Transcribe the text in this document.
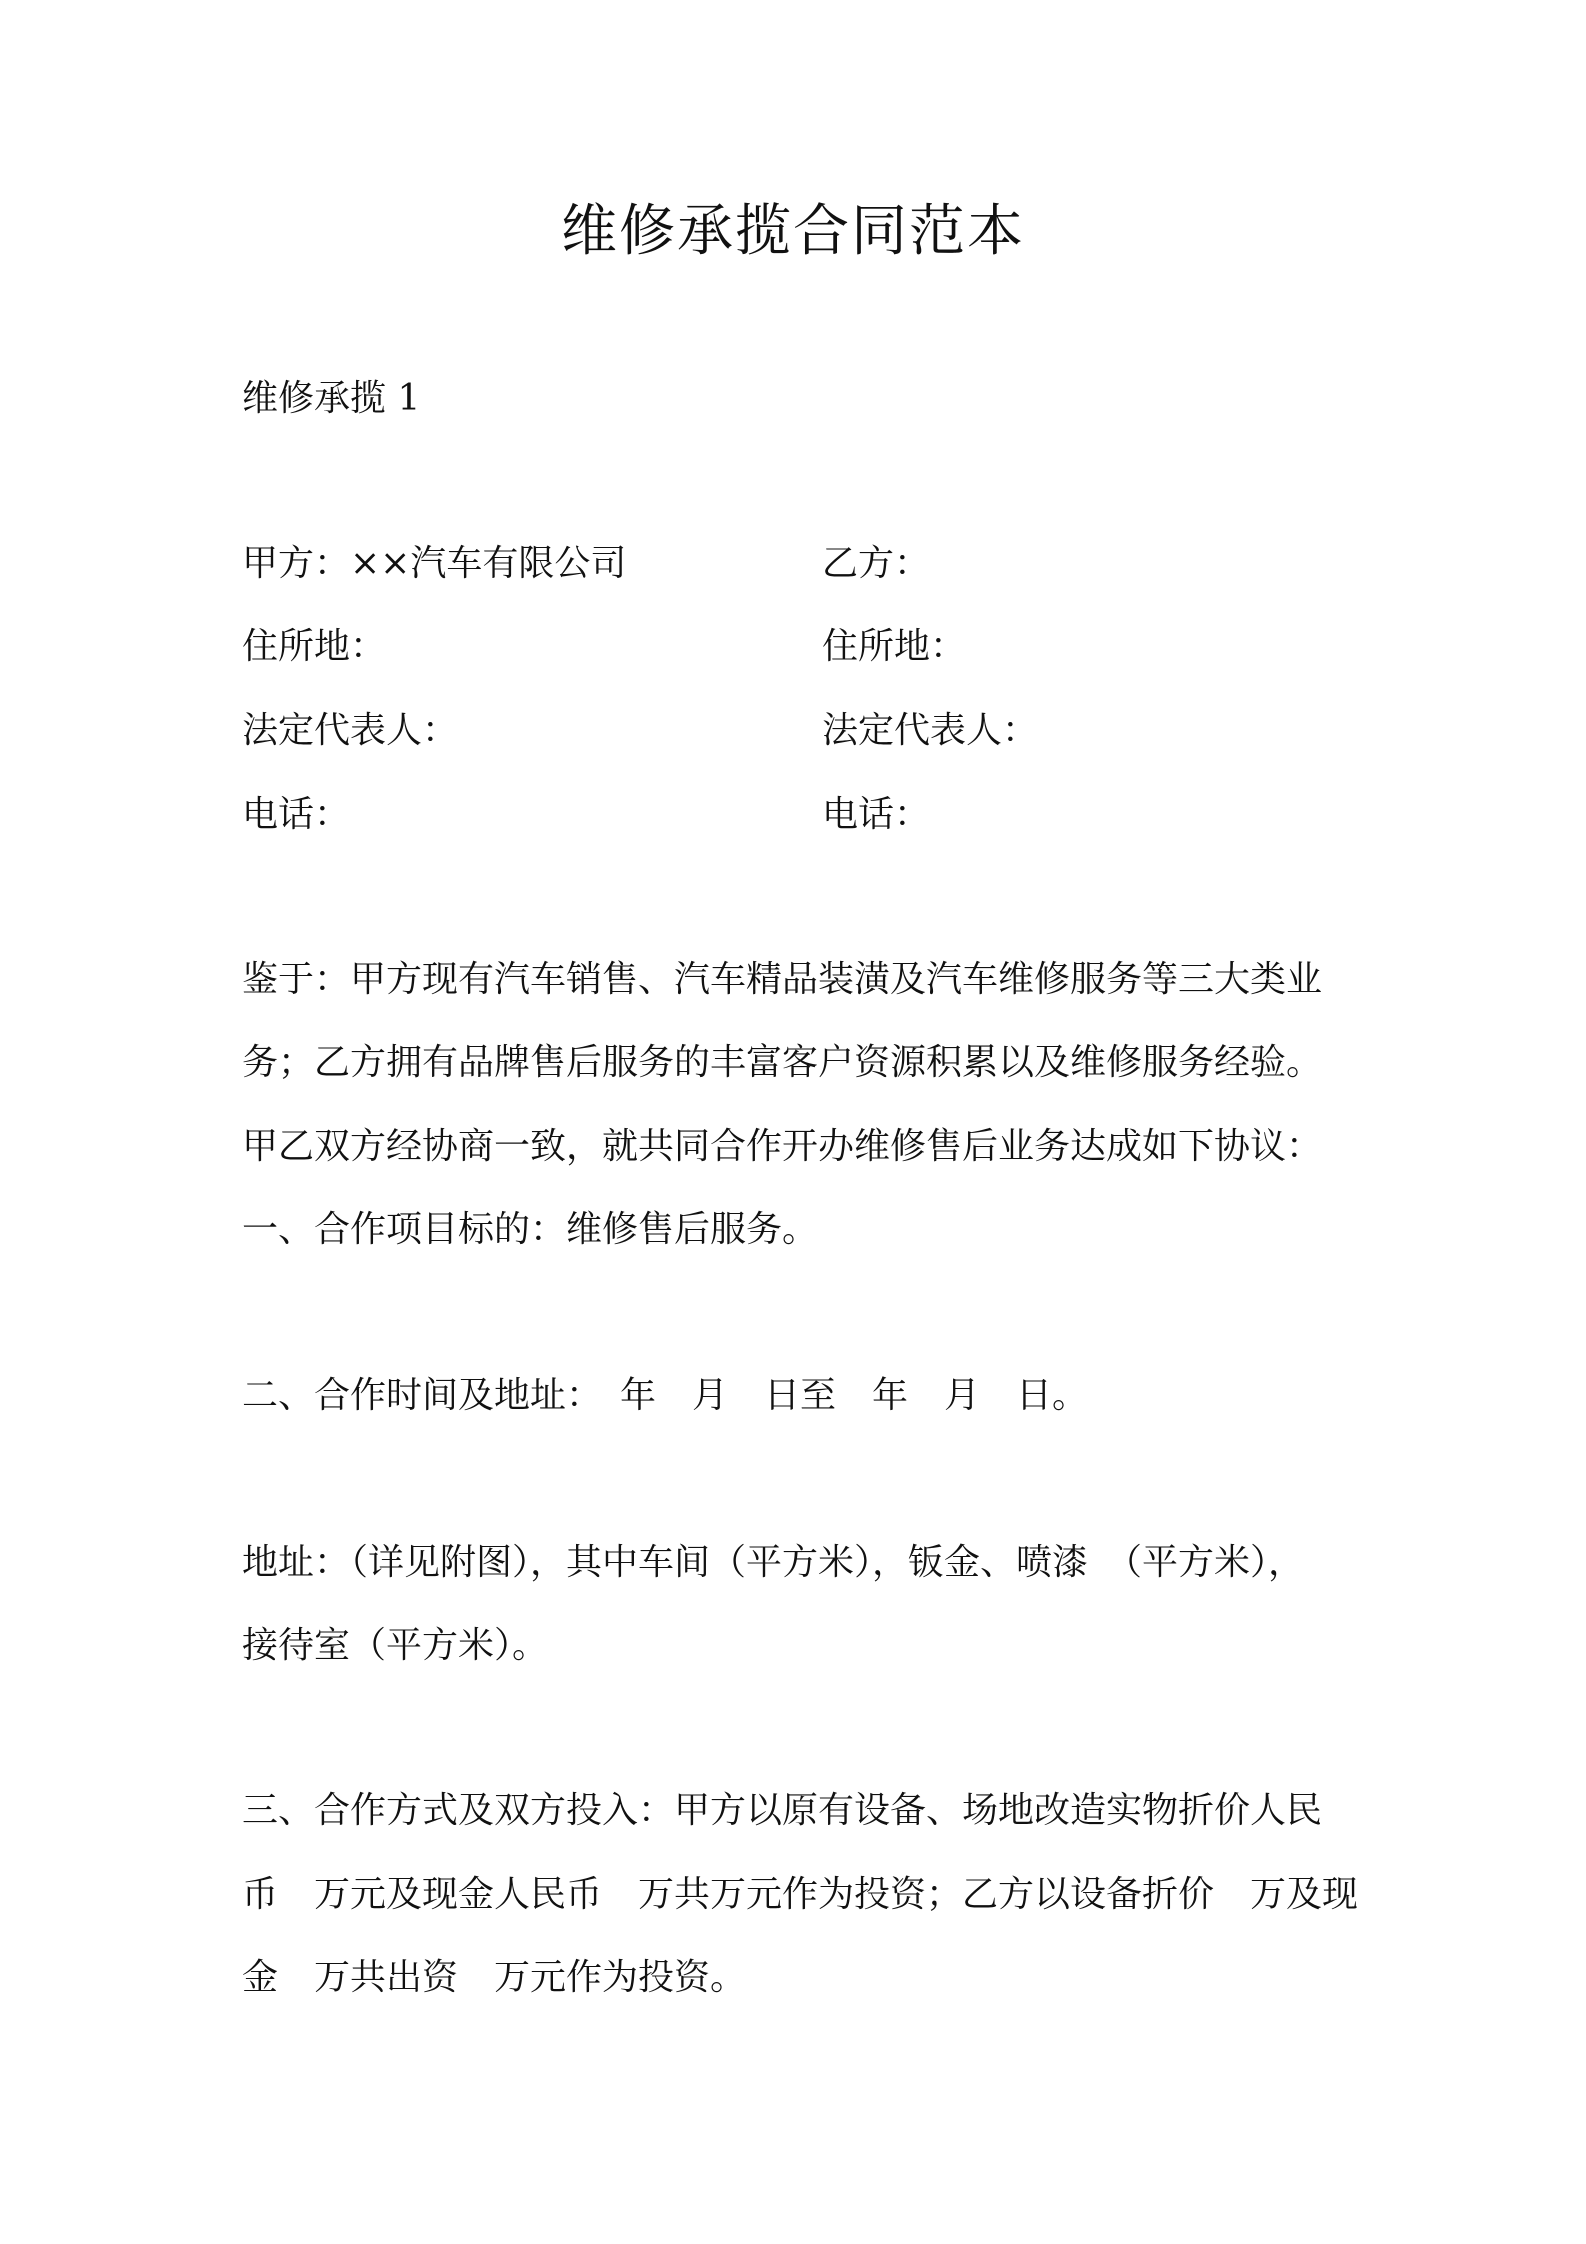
维修承揽合同范本

维修承揽 1

甲方：××汽车有限公司

住所地：

法定代表人：

电话：

乙方：

住所地：

法定代表人：

电话：

鉴于：甲方现有汽车销售、汽车精品装潢及汽车维修服务等三大类业

务；乙方拥有品牌售后服务的丰富客户资源积累以及维修服务经验。

甲乙双方经协商一致，就共同合作开办维修售后业务达成如下协议：

一、合作项目标的：维修售后服务。

二、合作时间及地址：　年　月　日至　年　月　日。

地址：（详见附图），其中车间（平方米），钣金、喷漆　（平方米），

接待室（平方米）。

三、合作方式及双方投入：甲方以原有设备、场地改造实物折价人民

币　万元及现金人民币　万共万元作为投资；乙方以设备折价　万及现

金　万共出资　万元作为投资。
